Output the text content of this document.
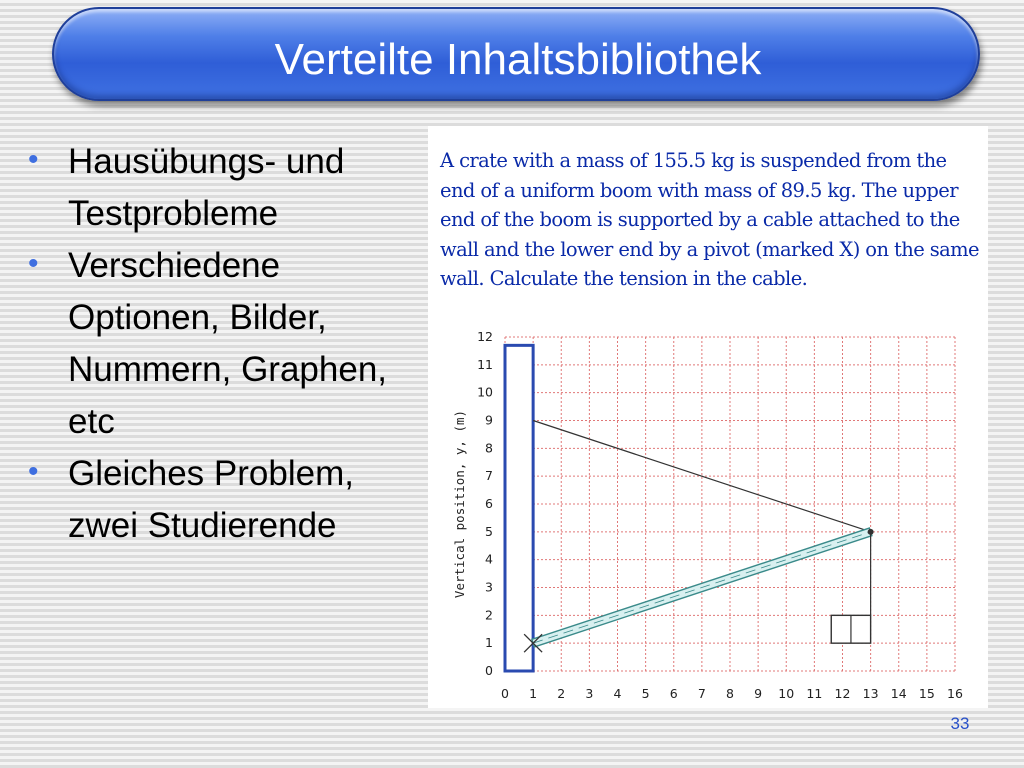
Verteilte Inhaltsbibliothek
• Hausübungs- und Testprobleme
• Verschiedene Optionen, Bilder, Nummern, Graphen, etc
• Gleiches Problem, zwei Studierende

A crate with a mass of 155.5 kg is suspended from the end of a uniform boom with mass of 89.5 kg. The upper end of the boom is supported by a cable attached to the wall and the lower end by a pivot (marked X) on the same wall. Calculate the tension in the cable.

0 1 2 3 4 5 6 7 8 9 10 11 12 13 14 15 16
0
1
2
3
4
5
6
7
8
9
10
11
12
Vertical position, y, (m)
33
